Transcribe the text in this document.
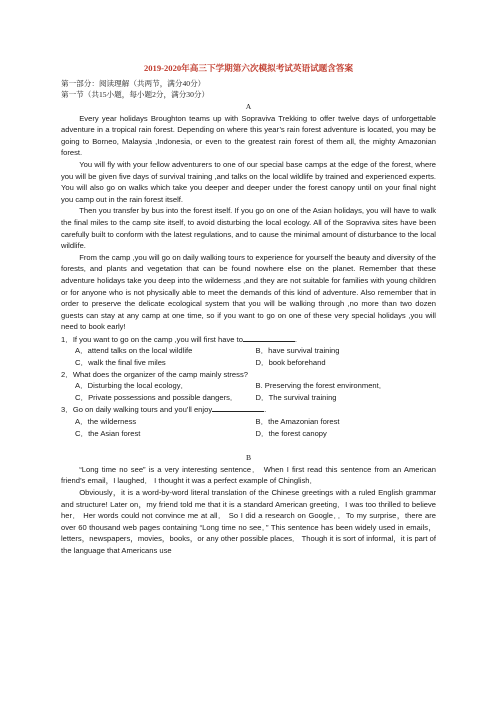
2019-2020年高三下学期第六次模拟考试英语试题含答案
第一部分：阅读理解（共两节，满分40分）
第一节（共15小题，每小题2分，满分30分）
A

Every year holidays Broughton teams up with Sopraviva Trekking to offer twelve days of unforgettable adventure in a tropical rain forest. Depending on where this year’s rain forest adventure is located, you may be going to Borneo, Malaysia ,Indonesia, or even to the greatest rain forest of them all, the mighty Amazonian forest.

You will fly with your fellow adventurers to one of our special base camps at the edge of the forest, where you will be given five days of survival training ,and talks on the local wildlife by trained and experienced experts. You will also go on walks which take you deeper and deeper under the forest canopy until on your final night you camp out in the rain forest itself.

Then you transfer by bus into the forest itself. If you go on one of the Asian holidays, you will have to walk the final miles to the camp site itself, to avoid disturbing the local ecology. All of the Sopraviva sites have been carefully built to conform with the latest regulations, and to cause the minimal amount of disturbance to the local wildlife.

From the camp ,you will go on daily walking tours to experience for yourself the beauty and diversity of the forests, and plants and vegetation that can be found nowhere else on the planet. Remember that these adventure holidays take you deep into the wilderness ,and they are not suitable for families with young children or for anyone who is not physically able to meet the demands of this kind of adventure. Also remember that in order to preserve the delicate ecological system that you will be walking through ,no more than two dozen guests can stay at any camp at one time, so if you want to go on one of these very special holidays ,you will need to book early!

1．If you want to go on the camp ,you will first have to	.
A．attend talks on the local wildlife	B．have survival training
C．walk the final five miles	D．book beforehand
2．What does the organizer of the camp mainly stress?
A．Disturbing the local ecology．	B. Preserving the forest environment．
C．Private possessions and possible dangers．	D．The survival training
3．Go on daily walking tours and you’ll enjoy	.
A．the wilderness	B．the Amazonian forest
C．the Asian forest	D．the forest canopy
B

“Long time no see” is a very interesting sentence． When I first read this sentence from an American friend’s email，I laughed． I thought it was a perfect example of Chinglish．

Obviously，it is a word-by-word literal translation of the Chinese greetings with a ruled English grammar and structure! Later on，my friend told me that it is a standard American greeting．I was too thrilled to believe her． Her words could not convince me at all． So I did a research on Google．．To my surprise，there are over 60 thousand web pages containing “Long time no see．” This sentence has been widely used in emails，letters，newspapers，movies，books，or any other possible places． Though it is sort of informal，it is part of the language that Americans use
